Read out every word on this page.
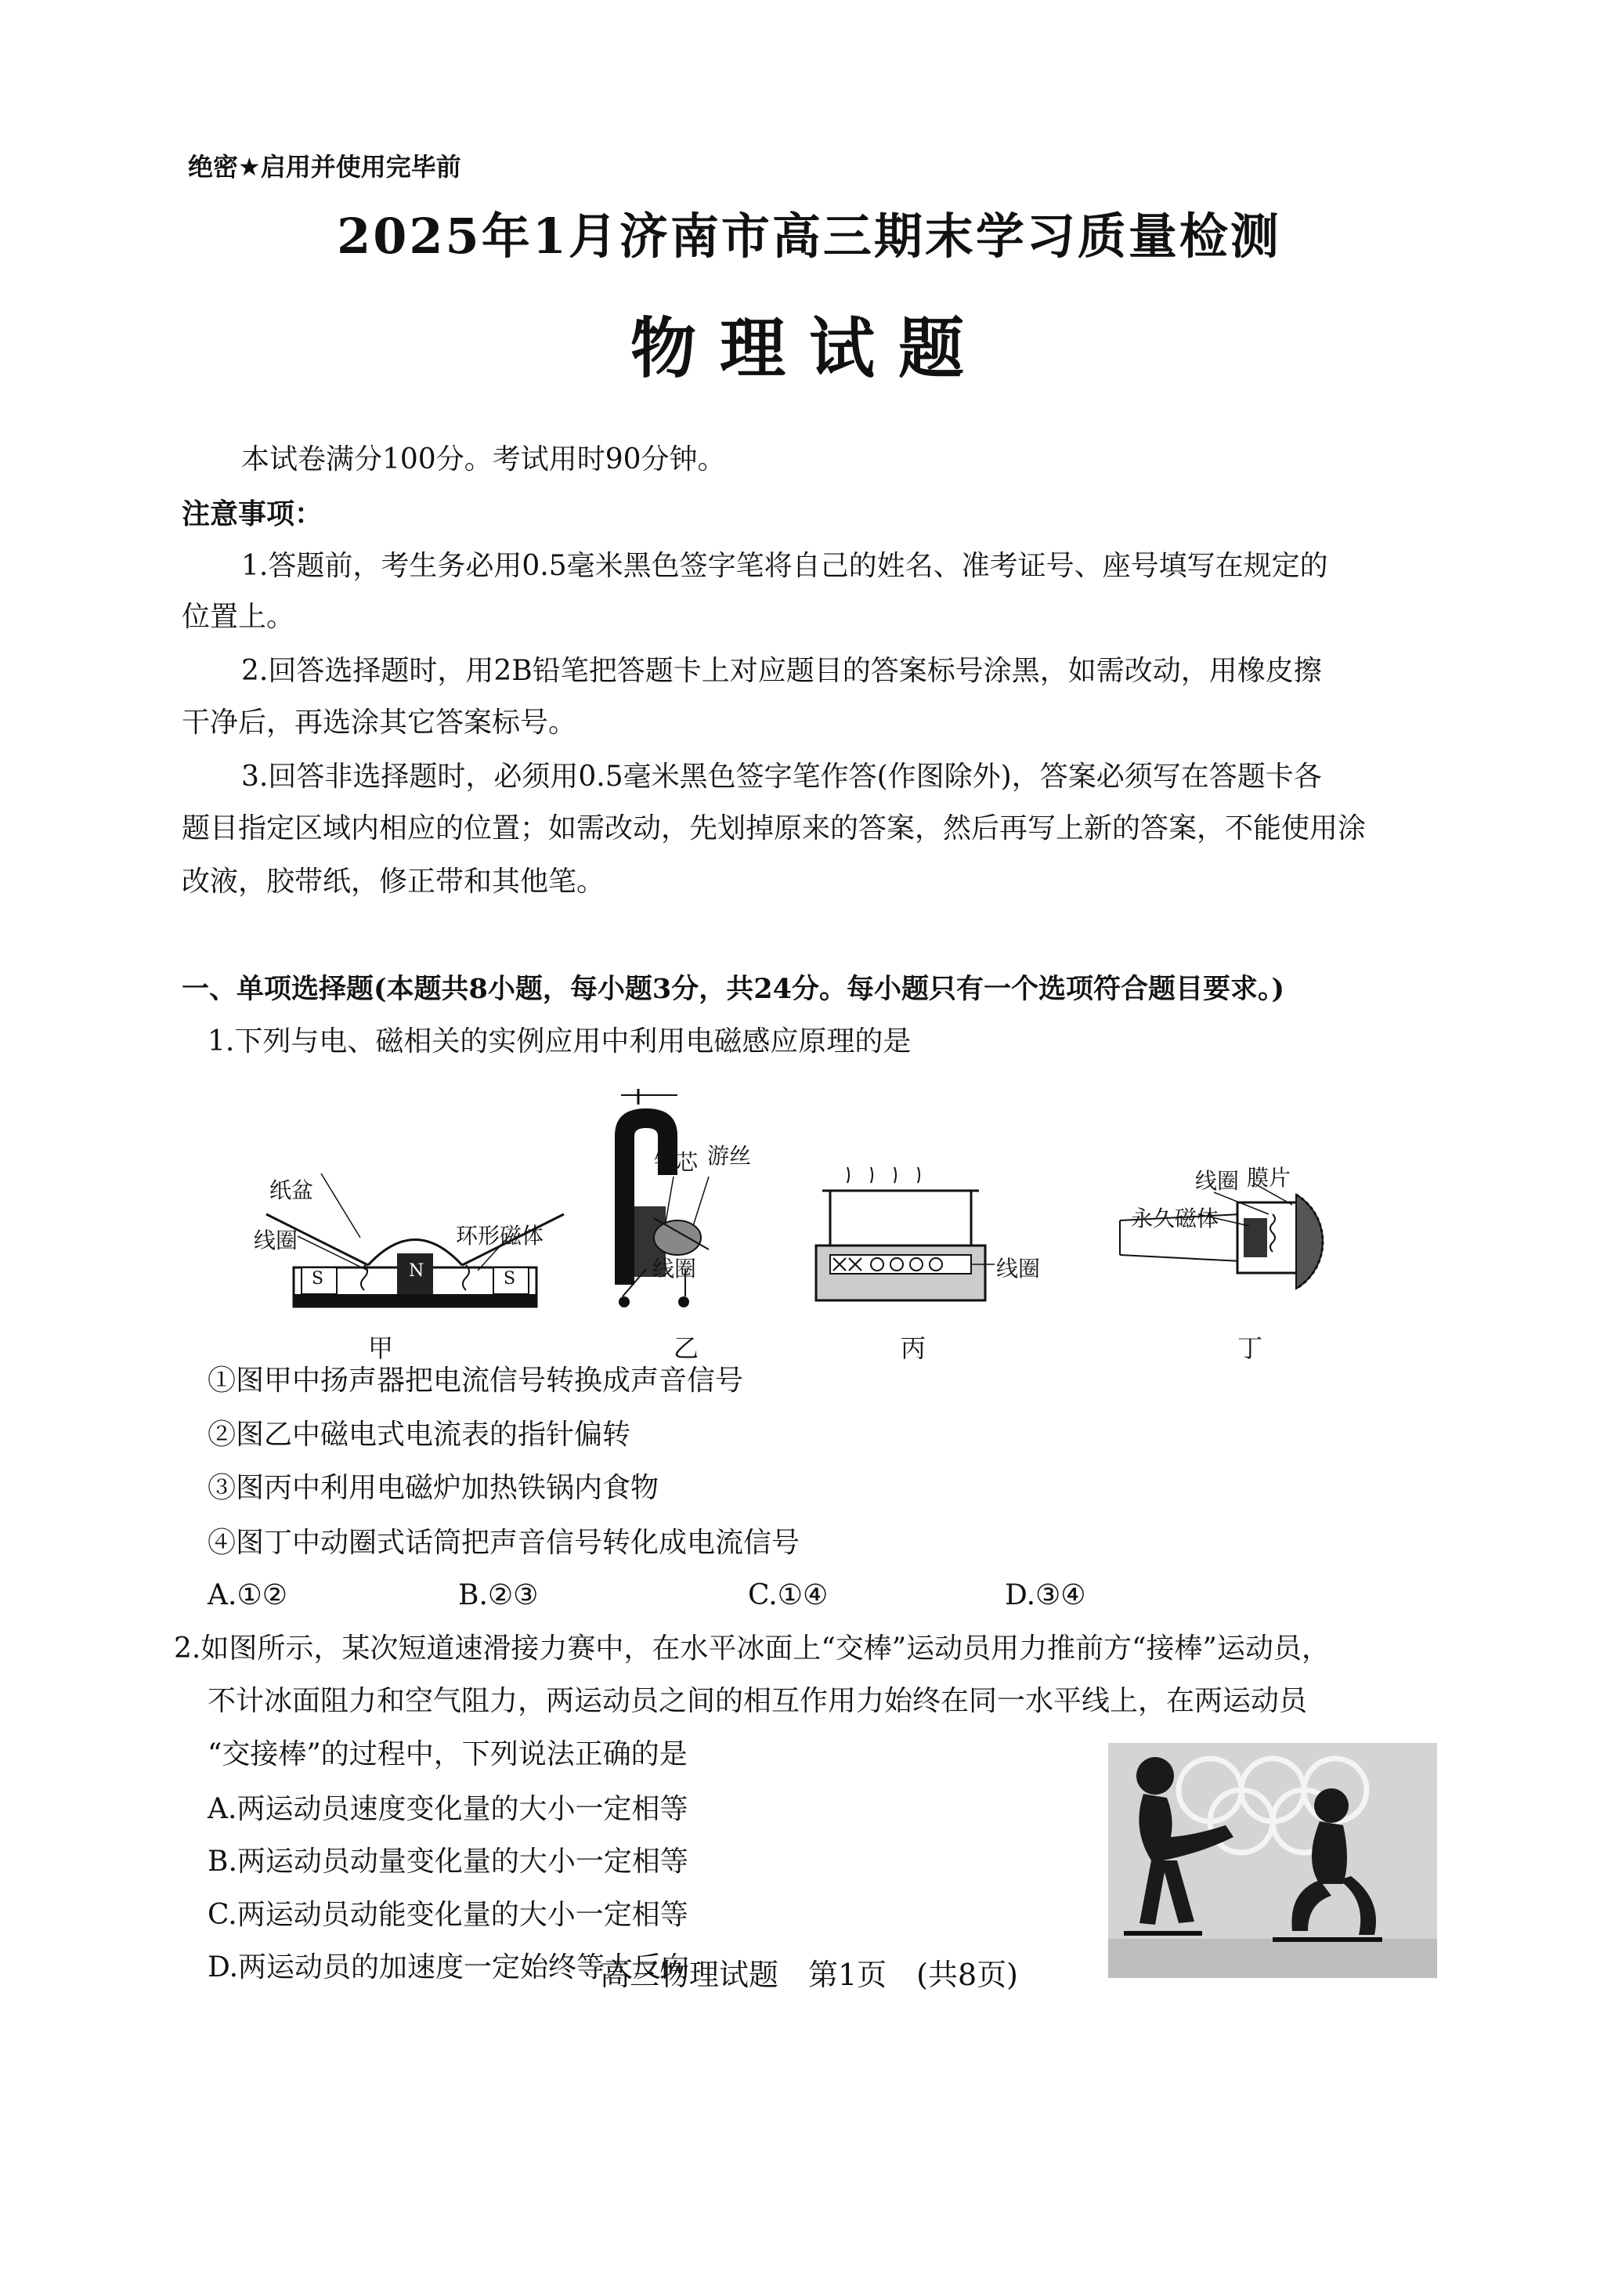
绝密★启用并使用完毕前
2025年1月济南市高三期末学习质量检测
物理试题
本试卷满分100分。考试用时90分钟。
注意事项：
1.答题前，考生务必用0.5毫米黑色签字笔将自己的姓名、准考证号、座号填写在规定的
位置上。
2.回答选择题时，用2B铅笔把答题卡上对应题目的答案标号涂黑，如需改动，用橡皮擦
干净后，再选涂其它答案标号。
3.回答非选择题时，必须用0.5毫米黑色签字笔作答(作图除外)，答案必须写在答题卡各
题目指定区域内相应的位置；如需改动，先划掉原来的答案，然后再写上新的答案，不能使用涂
改液，胶带纸，修正带和其他笔。
一、单项选择题(本题共8小题，每小题3分，共24分。每小题只有一个选项符合题目要求。)
1.下列与电、磁相关的实例应用中利用电磁感应原理的是
纸盆
线圈	环形磁体
S	N	S
甲
铁芯 游丝
线圈
乙
线圈
丙
线圈 膜片
永久磁体
丁
①图甲中扬声器把电流信号转换成声音信号
②图乙中磁电式电流表的指针偏转
③图丙中利用电磁炉加热铁锅内食物
④图丁中动圈式话筒把声音信号转化成电流信号
A.①②	B.②③	C.①④	D.③④
2.如图所示，某次短道速滑接力赛中，在水平冰面上“交棒”运动员用力推前方“接棒”运动员，
不计冰面阻力和空气阻力，两运动员之间的相互作用力始终在同一水平线上，在两运动员
“交接棒”的过程中，下列说法正确的是
A.两运动员速度变化量的大小一定相等
B.两运动员动量变化量的大小一定相等
C.两运动员动能变化量的大小一定相等
D.两运动员的加速度一定始终等大反向
高三物理试题　第1页　(共8页)
